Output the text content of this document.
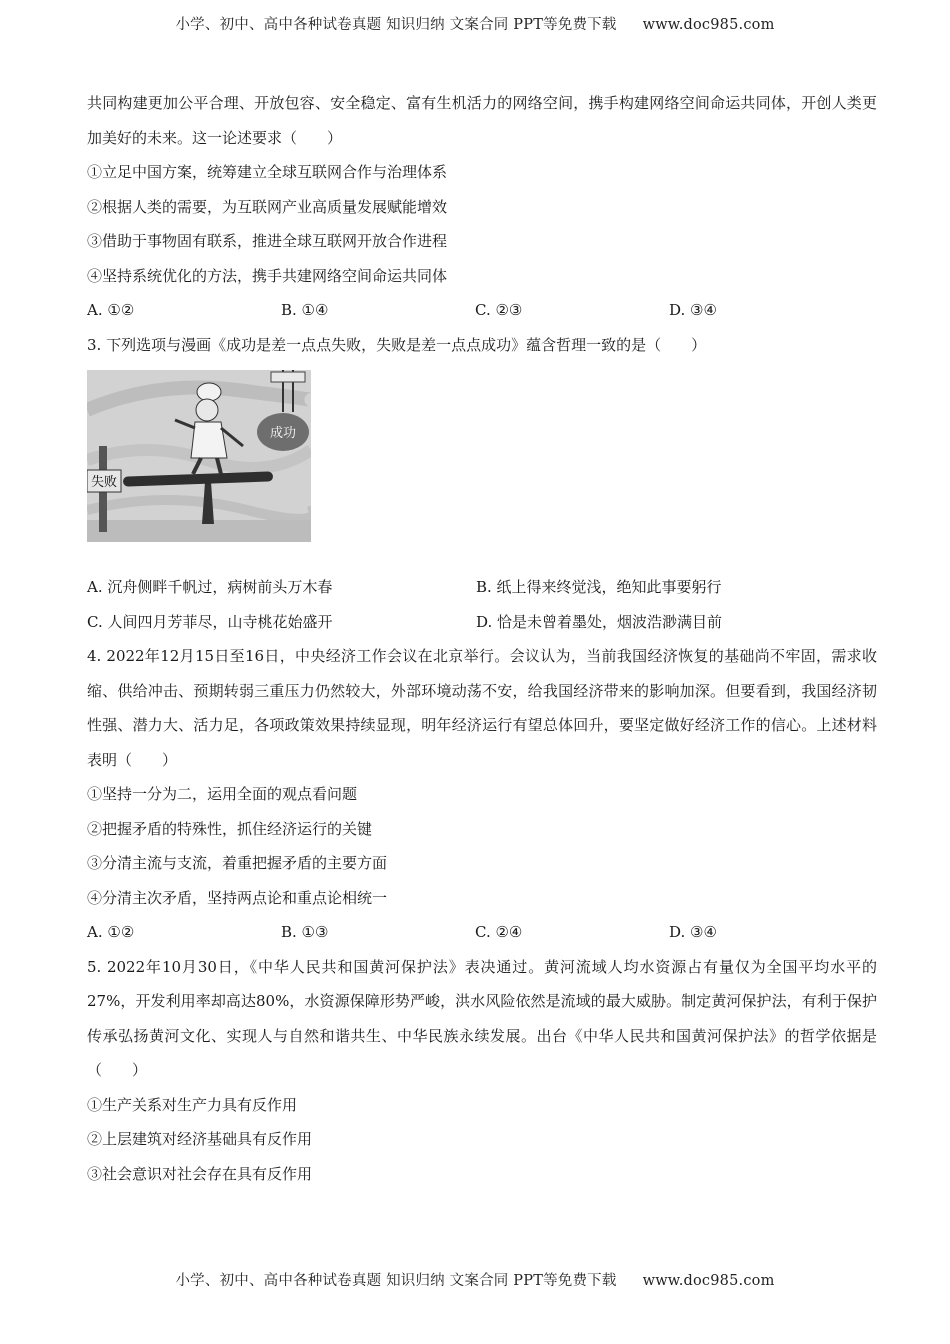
小学、初中、高中各种试卷真题 知识归纳 文案合同 PPT等免费下载 www.doc985.com
共同构建更加公平合理、开放包容、安全稳定、富有生机活力的网络空间，携手构建网络空间命运共同体，开创人类更加美好的未来。这一论述要求（　　）
①立足中国方案，统筹建立全球互联网合作与治理体系
②根据人类的需要，为互联网产业高质量发展赋能增效
③借助于事物固有联系，推进全球互联网开放合作进程
④坚持系统优化的方法，携手共建网络空间命运共同体
A. ①②	B. ①④	C. ②③	D. ③④
3. 下列选项与漫画《成功是差一点点失败，失败是差一点点成功》蕴含哲理一致的是（　　）
失败
成功
A. 沉舟侧畔千帆过，病树前头万木春	B. 纸上得来终觉浅，绝知此事要躬行
C. 人间四月芳菲尽，山寺桃花始盛开	D. 恰是未曾着墨处，烟波浩渺满目前
4. 2022年12月15日至16日，中央经济工作会议在北京举行。会议认为，当前我国经济恢复的基础尚不牢固，需求收缩、供给冲击、预期转弱三重压力仍然较大，外部环境动荡不安，给我国经济带来的影响加深。但要看到，我国经济韧性强、潜力大、活力足，各项政策效果持续显现，明年经济运行有望总体回升，要坚定做好经济工作的信心。上述材料表明（　　）
①坚持一分为二，运用全面的观点看问题
②把握矛盾的特殊性，抓住经济运行的关键
③分清主流与支流，着重把握矛盾的主要方面
④分清主次矛盾，坚持两点论和重点论相统一
A. ①②	B. ①③	C. ②④	D. ③④
5. 2022年10月30日，《中华人民共和国黄河保护法》表决通过。黄河流域人均水资源占有量仅为全国平均水平的27%，开发利用率却高达80%，水资源保障形势严峻，洪水风险依然是流域的最大威胁。制定黄河保护法，有利于保护传承弘扬黄河文化、实现人与自然和谐共生、中华民族永续发展。出台《中华人民共和国黄河保护法》的哲学依据是（　　）
①生产关系对生产力具有反作用
②上层建筑对经济基础具有反作用
③社会意识对社会存在具有反作用
小学、初中、高中各种试卷真题 知识归纳 文案合同 PPT等免费下载 www.doc985.com
